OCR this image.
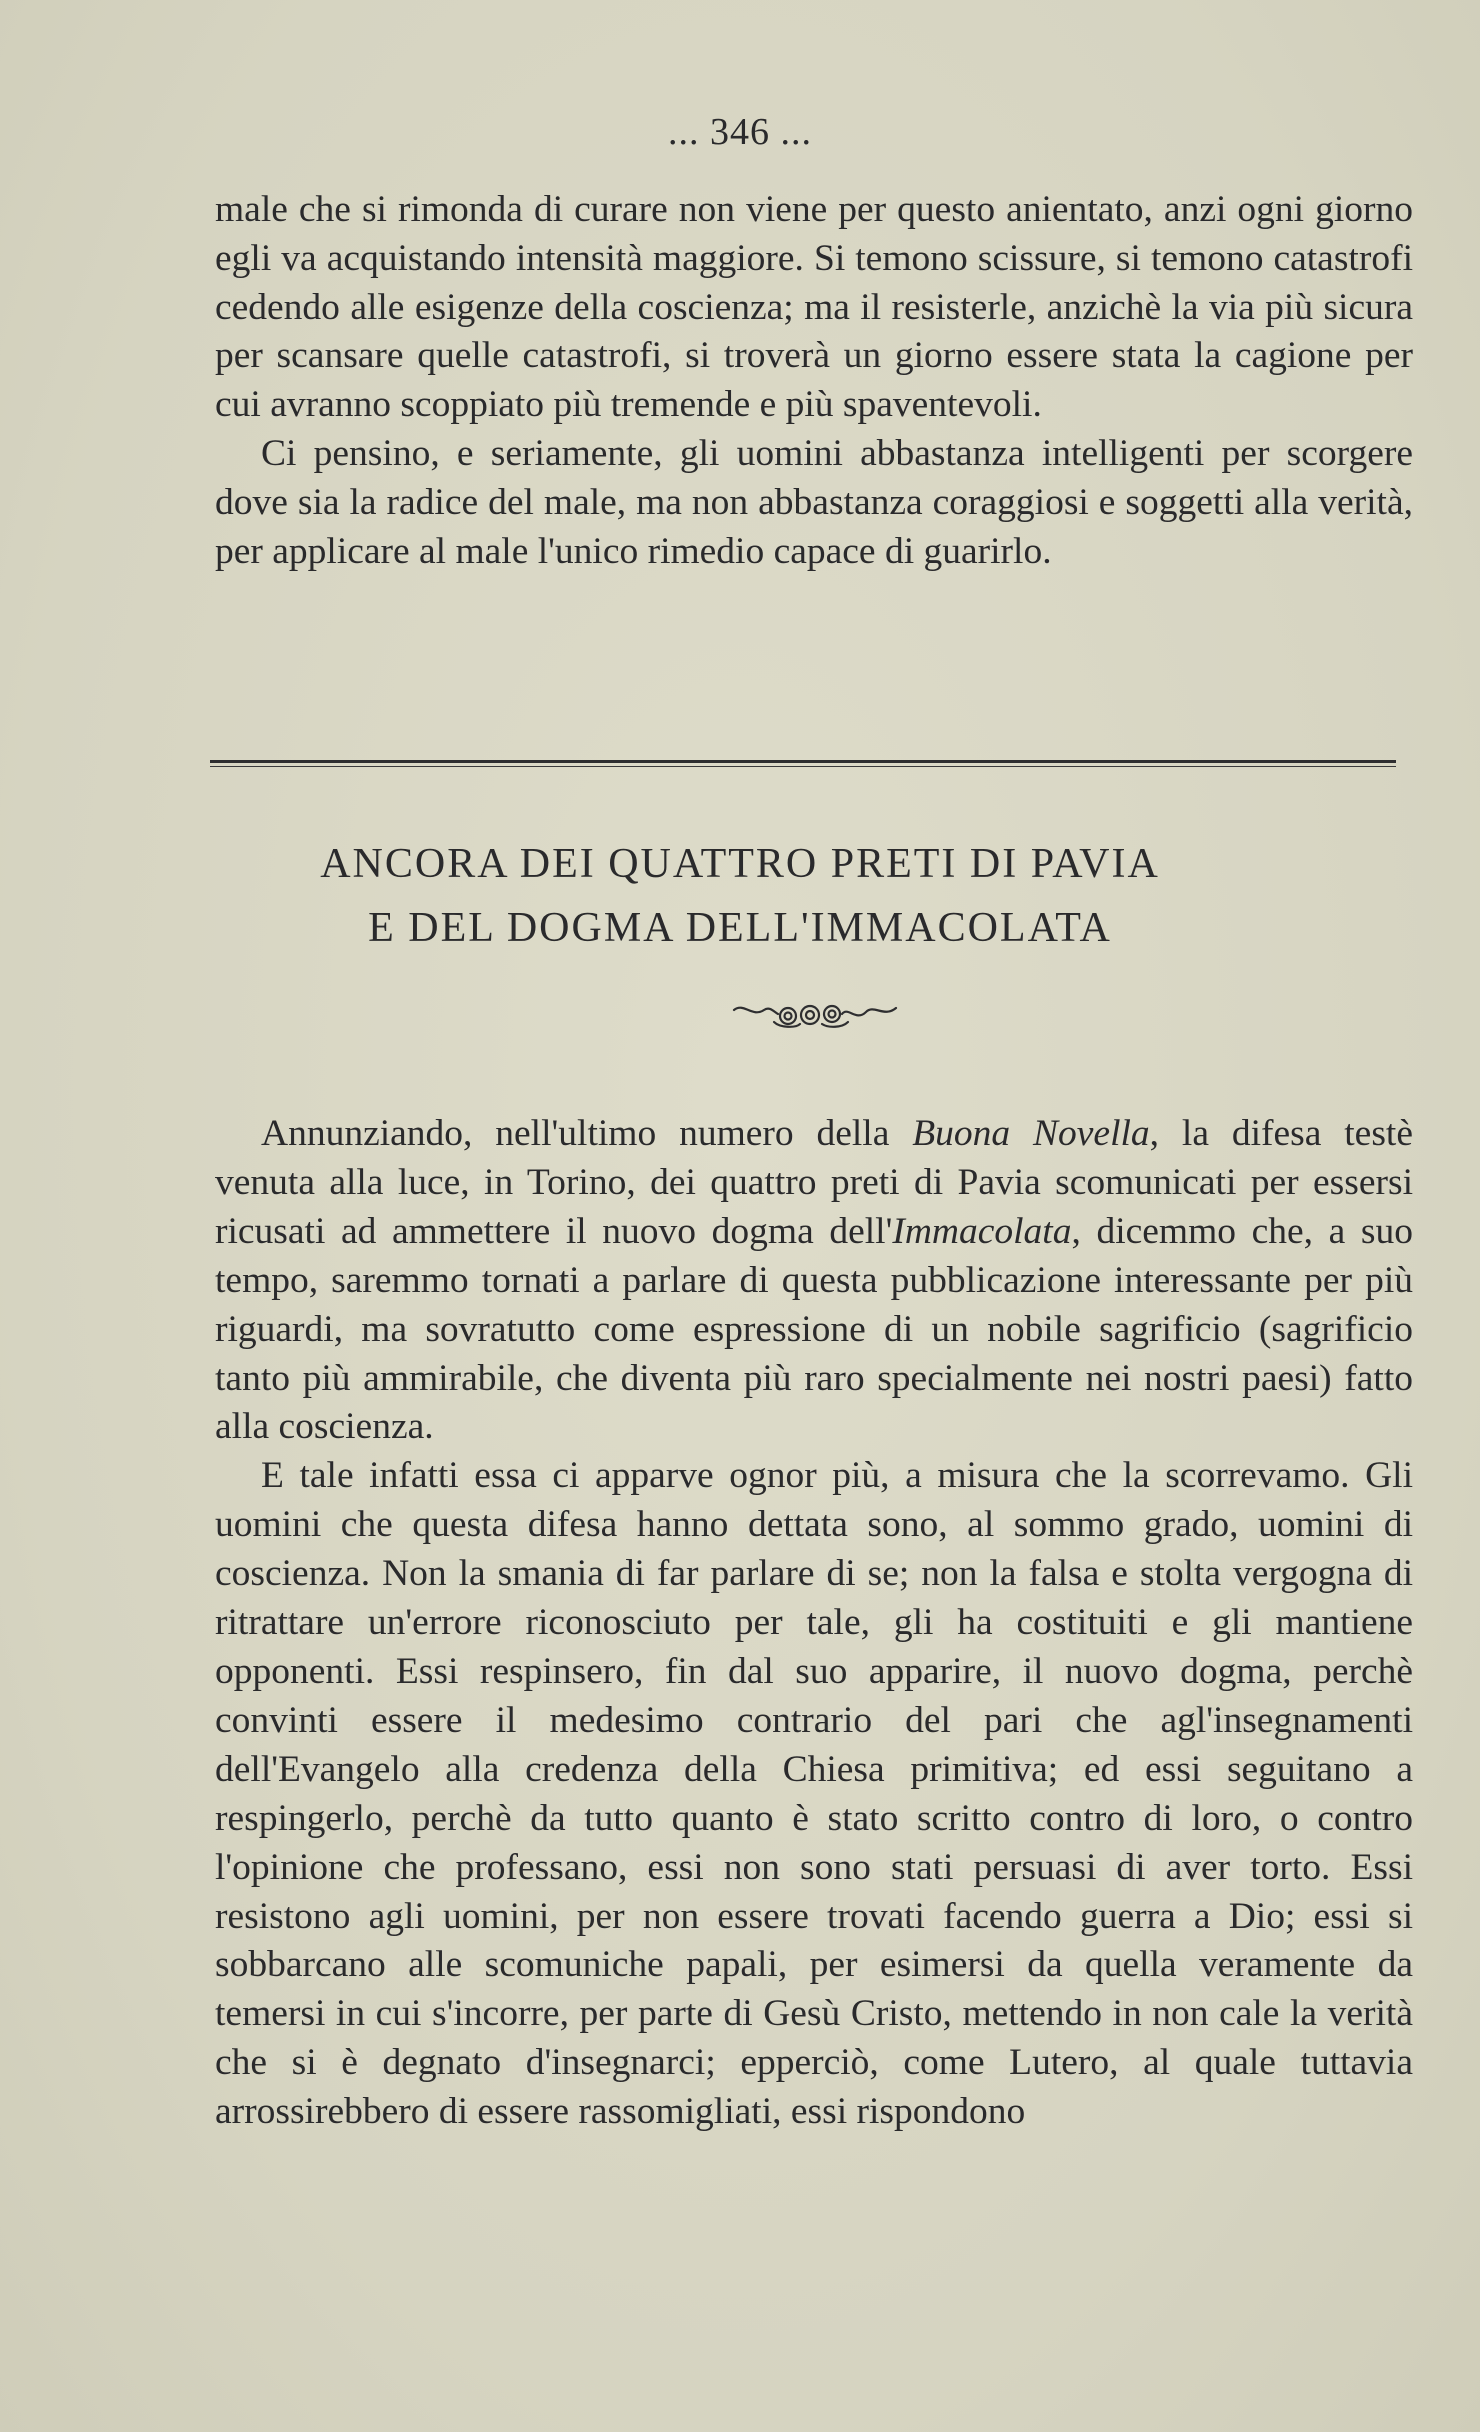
... 346 ...

male che si rimonda di curare non viene per questo anientato, anzi ogni giorno egli va acquistando intensità maggiore. Si temono scissure, si temono catastrofi cedendo alle esigenze della coscienza; ma il resisterle, anzichè la via più sicura per scansare quelle catastrofi, si troverà un giorno essere stata la cagione per cui avranno scoppiato più tremende e più spaventevoli.

Ci pensino, e seriamente, gli uomini abbastanza intelligenti per scorgere dove sia la radice del male, ma non abbastanza coraggiosi e soggetti alla verità, per applicare al male l'unico rimedio capace di guarirlo.

ANCORA DEI QUATTRO PRETI DI PAVIA
E DEL DOGMA DELL'IMMACOLATA

Annunziando, nell'ultimo numero della Buona Novella, la difesa testè venuta alla luce, in Torino, dei quattro preti di Pavia scomunicati per essersi ricusati ad ammettere il nuovo dogma dell'Immacolata, dicemmo che, a suo tempo, saremmo tornati a parlare di questa pubblicazione interessante per più riguardi, ma sovratutto come espressione di un nobile sagrificio (sagrificio tanto più ammirabile, che diventa più raro specialmente nei nostri paesi) fatto alla coscienza.

E tale infatti essa ci apparve ognor più, a misura che la scorrevamo. Gli uomini che questa difesa hanno dettata sono, al sommo grado, uomini di coscienza. Non la smania di far parlare di se; non la falsa e stolta vergogna di ritrattare un'errore riconosciuto per tale, gli ha costituiti e gli mantiene opponenti. Essi respinsero, fin dal suo apparire, il nuovo dogma, perchè convinti essere il medesimo contrario del pari che agl'insegnamenti dell'Evangelo alla credenza della Chiesa primitiva; ed essi seguitano a respingerlo, perchè da tutto quanto è stato scritto contro di loro, o contro l'opinione che professano, essi non sono stati persuasi di aver torto. Essi resistono agli uomini, per non essere trovati facendo guerra a Dio; essi si sobbarcano alle scomuniche papali, per esimersi da quella veramente da temersi in cui s'incorre, per parte di Gesù Cristo, mettendo in non cale la verità che si è degnato d'insegnarci; epperciò, come Lutero, al quale tuttavia arrossirebbero di essere rassomigliati, essi rispondono
